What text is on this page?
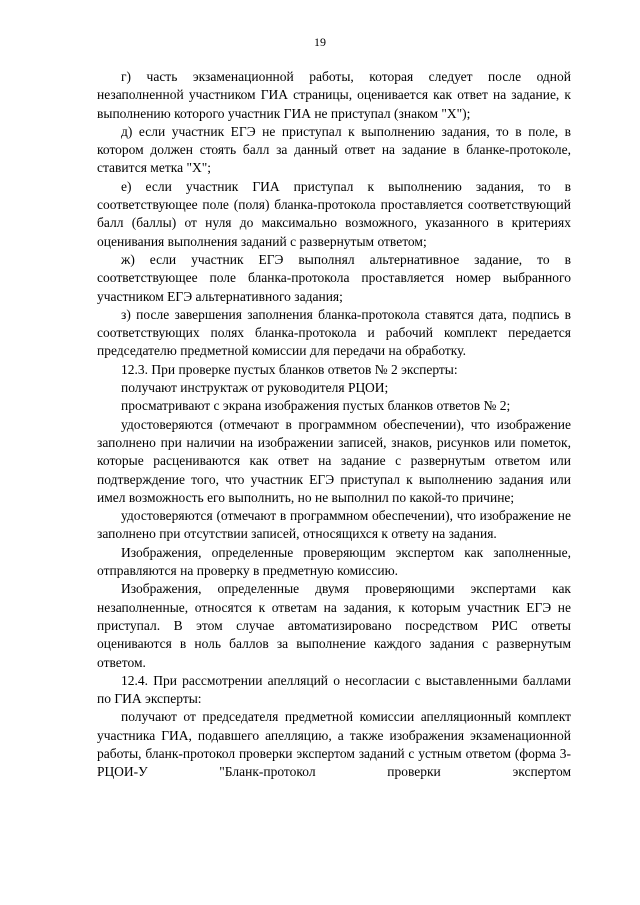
19

г) часть экзаменационной работы, которая следует после одной незаполненной участником ГИА страницы, оценивается как ответ на задание, к выполнению которого участник ГИА не приступал (знаком "X");

д) если участник ЕГЭ не приступал к выполнению задания, то в поле, в котором должен стоять балл за данный ответ на задание в бланке-протоколе, ставится метка "X";

е) если участник ГИА приступал к выполнению задания, то в соответствующее поле (поля) бланка-протокола проставляется соответствующий балл (баллы) от нуля до максимально возможного, указанного в критериях оценивания выполнения заданий с развернутым ответом;

ж) если участник ЕГЭ выполнял альтернативное задание, то в соответствующее поле бланка-протокола проставляется номер выбранного участником ЕГЭ альтернативного задания;

з) после завершения заполнения бланка-протокола ставятся дата, подпись в соответствующих полях бланка-протокола и рабочий комплект передается председателю предметной комиссии для передачи на обработку.

12.3. При проверке пустых бланков ответов № 2 эксперты:

получают инструктаж от руководителя РЦОИ;

просматривают с экрана изображения пустых бланков ответов № 2;

удостоверяются (отмечают в программном обеспечении), что изображение заполнено при наличии на изображении записей, знаков, рисунков или пометок, которые расцениваются как ответ на задание с развернутым ответом или подтверждение того, что участник ЕГЭ приступал к выполнению задания или имел возможность его выполнить, но не выполнил по какой-то причине;

удостоверяются (отмечают в программном обеспечении), что изображение не заполнено при отсутствии записей, относящихся к ответу на задания.

Изображения, определенные проверяющим экспертом как заполненные, отправляются на проверку в предметную комиссию.

Изображения, определенные двумя проверяющими экспертами как незаполненные, относятся к ответам на задания, к которым участник ЕГЭ не приступал. В этом случае автоматизировано посредством РИС ответы оцениваются в ноль баллов за выполнение каждого задания с развернутым ответом.

12.4. При рассмотрении апелляций о несогласии с выставленными баллами по ГИА эксперты:

получают от председателя предметной комиссии апелляционный комплект участника ГИА, подавшего апелляцию, а также изображения экзаменационной работы, бланк-протокол проверки экспертом заданий с устным ответом (форма 3-РЦОИ-У "Бланк-протокол проверки экспертом
